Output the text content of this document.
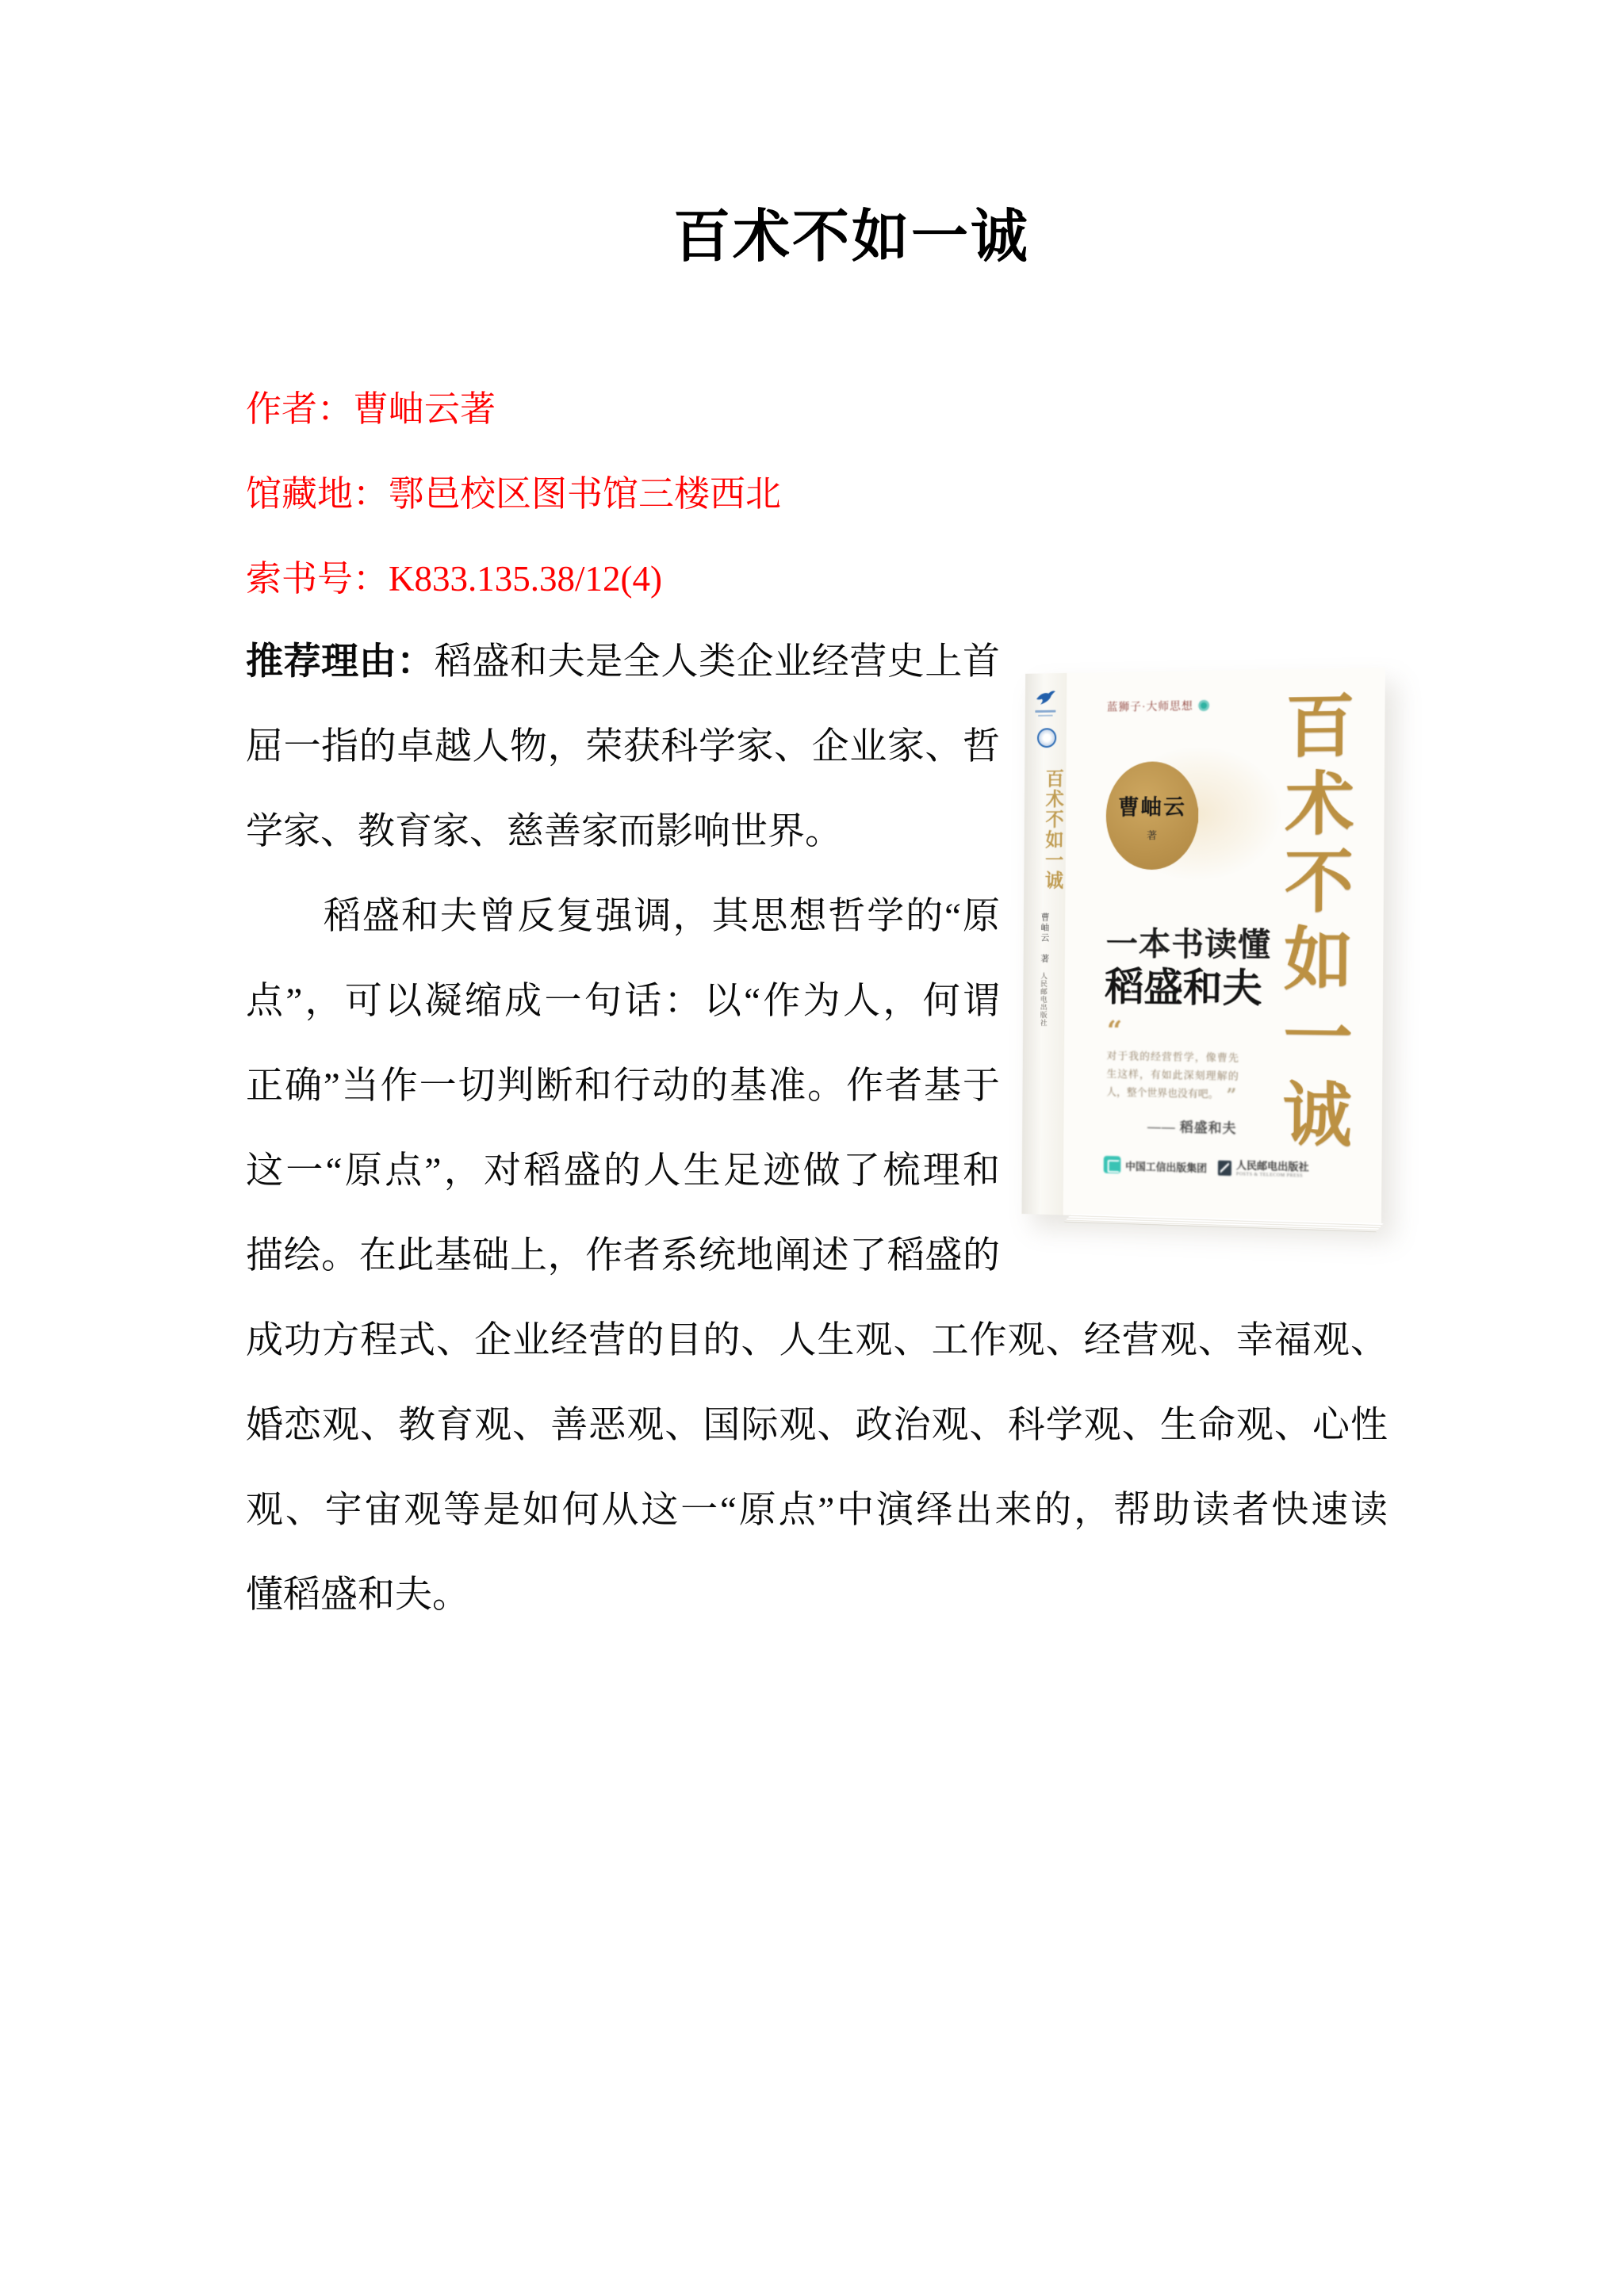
百术不如一诚
作者：曹岫云著
馆藏地：鄠邑校区图书馆三楼西北
索书号：K833.135.38/12(4)
推荐理由：稻盛和夫是全人类企业经营史上首
屈一指的卓越人物，荣获科学家、企业家、哲
学家、教育家、慈善家而影响世界。
　　稻盛和夫曾反复强调，其思想哲学的“原
点”，可以凝缩成一句话：以“作为人，何谓
正确”当作一切判断和行动的基准。作者基于
这一“原点”，对稻盛的人生足迹做了梳理和
描绘。在此基础上，作者系统地阐述了稻盛的
成功方程式、企业经营的目的、人生观、工作观、经营观、幸福观、
婚恋观、教育观、善恶观、国际观、政治观、科学观、生命观、心性
观、宇宙观等是如何从这一“原点”中演绎出来的，帮助读者快速读
懂稻盛和夫。
百术不如一诚
曹岫云 著
人民邮电出版社
蓝狮子·大师思想
曹岫云
著
一本书读懂
稻盛和夫
“
对于我的经营哲学，像曹先生这样，有如此深刻理解的人，整个世界也没有吧。 ”
—— 稻盛和夫
中国工信出版集团	人民邮电出版社
POSTS & TELECOM PRESS
百术不如一诚
